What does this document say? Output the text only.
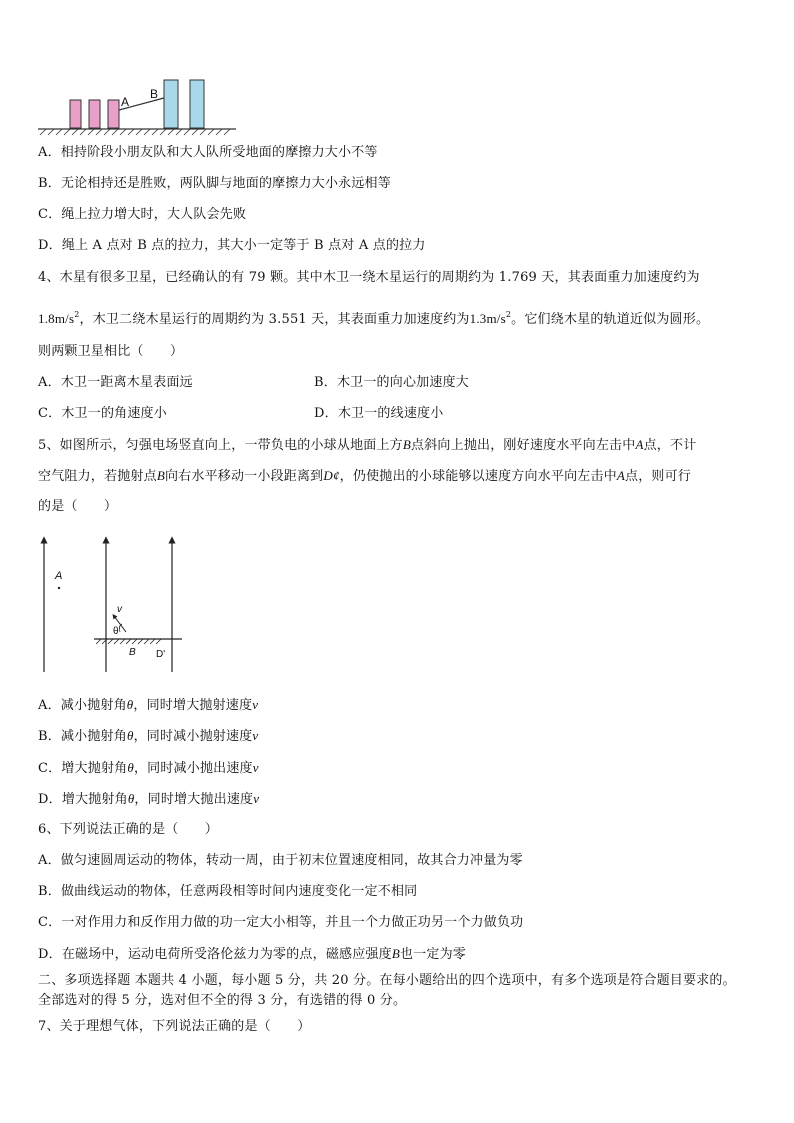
A
B
A．相持阶段小朋友队和大人队所受地面的摩擦力大小不等
B．无论相持还是胜败，两队脚与地面的摩擦力大小永远相等
C．绳上拉力增大时，大人队会先败
D．绳上 A 点对 B 点的拉力，其大小一定等于 B 点对 A 点的拉力
4、木星有很多卫星，已经确认的有 79 颗。其中木卫一绕木星运行的周期约为 1.769 天，其表面重力加速度约为
$1.8m/s^2$，木卫二绕木星运行的周期约为 3.551 天，其表面重力加速度约为$1.3m/s^2$。它们绕木星的轨道近似为圆形。
则两颗卫星相比（　　）
A．木卫一距离木星表面远	B．木卫一的向心加速度大
C．木卫一的角速度小	D．木卫一的线速度小
5、如图所示，匀强电场竖直向上，一带负电的小球从地面上方B点斜向上抛出，刚好速度水平向左击中A点，不计
空气阻力，若抛射点B向右水平移动一小段距离到D¢，仍使抛出的小球能够以速度方向水平向左击中A点，则可行
的是（　　）
A
v
θ
B D'
A．减小抛射角θ，同时增大抛射速度v
B．减小抛射角θ，同时减小抛射速度v
C．增大抛射角θ，同时减小抛出速度v
D．增大抛射角θ，同时增大抛出速度v
6、下列说法正确的是（　　）
A．做匀速圆周运动的物体，转动一周，由于初末位置速度相同，故其合力冲量为零
B．做曲线运动的物体，任意两段相等时间内速度变化一定不相同
C．一对作用力和反作用力做的功一定大小相等，并且一个力做正功另一个力做负功
D．在磁场中，运动电荷所受洛伦兹力为零的点，磁感应强度B也一定为零
二、多项选择题 本题共 4 小题，每小题 5 分，共 20 分。在每小题给出的四个选项中，有多个选项是符合题目要求的。
全部选对的得 5 分，选对但不全的得 3 分，有选错的得 0 分。
7、关于理想气体，下列说法正确的是（　　）
